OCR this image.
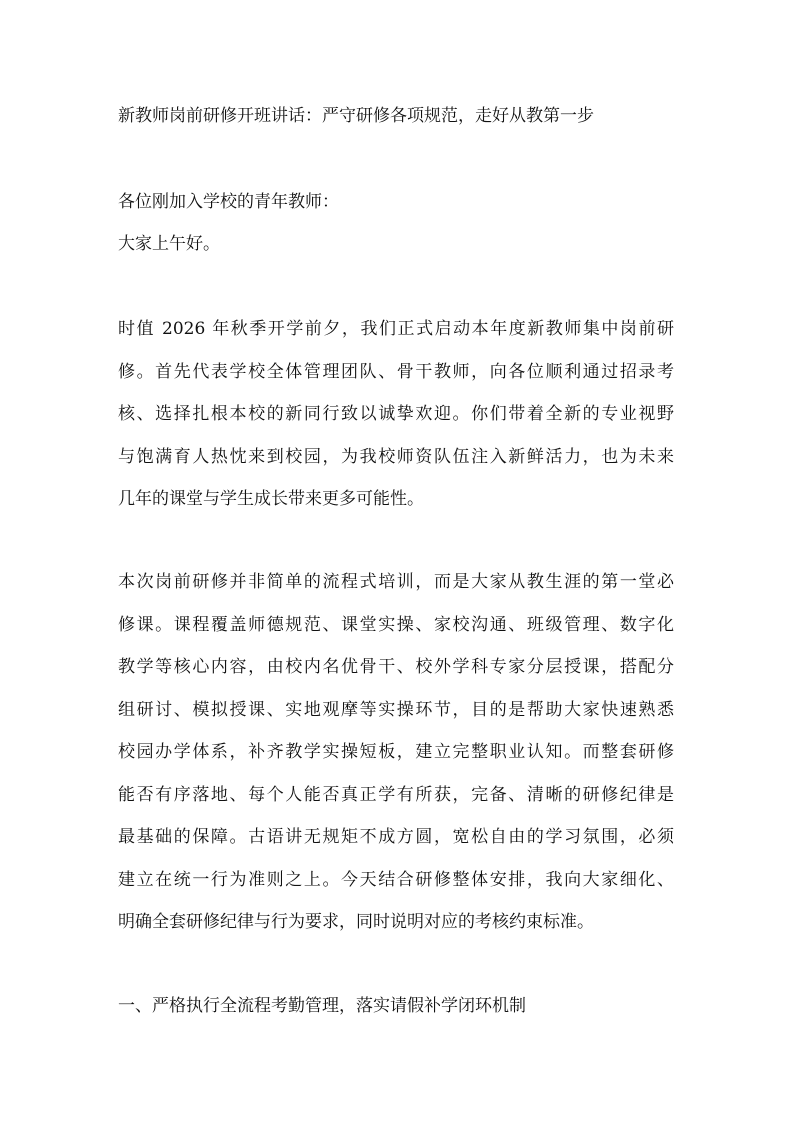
新教师岗前研修开班讲话：严守研修各项规范，走好从教第一步
各位刚加入学校的青年教师：
大家上午好。
时值 2026 年秋季开学前夕，我们正式启动本年度新教师集中岗前研
修。首先代表学校全体管理团队、骨干教师，向各位顺利通过招录考
核、选择扎根本校的新同行致以诚挚欢迎。你们带着全新的专业视野
与饱满育人热忱来到校园，为我校师资队伍注入新鲜活力，也为未来
几年的课堂与学生成长带来更多可能性。
本次岗前研修并非简单的流程式培训，而是大家从教生涯的第一堂必
修课。课程覆盖师德规范、课堂实操、家校沟通、班级管理、数字化
教学等核心内容，由校内名优骨干、校外学科专家分层授课，搭配分
组研讨、模拟授课、实地观摩等实操环节，目的是帮助大家快速熟悉
校园办学体系，补齐教学实操短板，建立完整职业认知。而整套研修
能否有序落地、每个人能否真正学有所获，完备、清晰的研修纪律是
最基础的保障。古语讲无规矩不成方圆，宽松自由的学习氛围，必须
建立在统一行为准则之上。今天结合研修整体安排，我向大家细化、
明确全套研修纪律与行为要求，同时说明对应的考核约束标准。
一、严格执行全流程考勤管理，落实请假补学闭环机制
